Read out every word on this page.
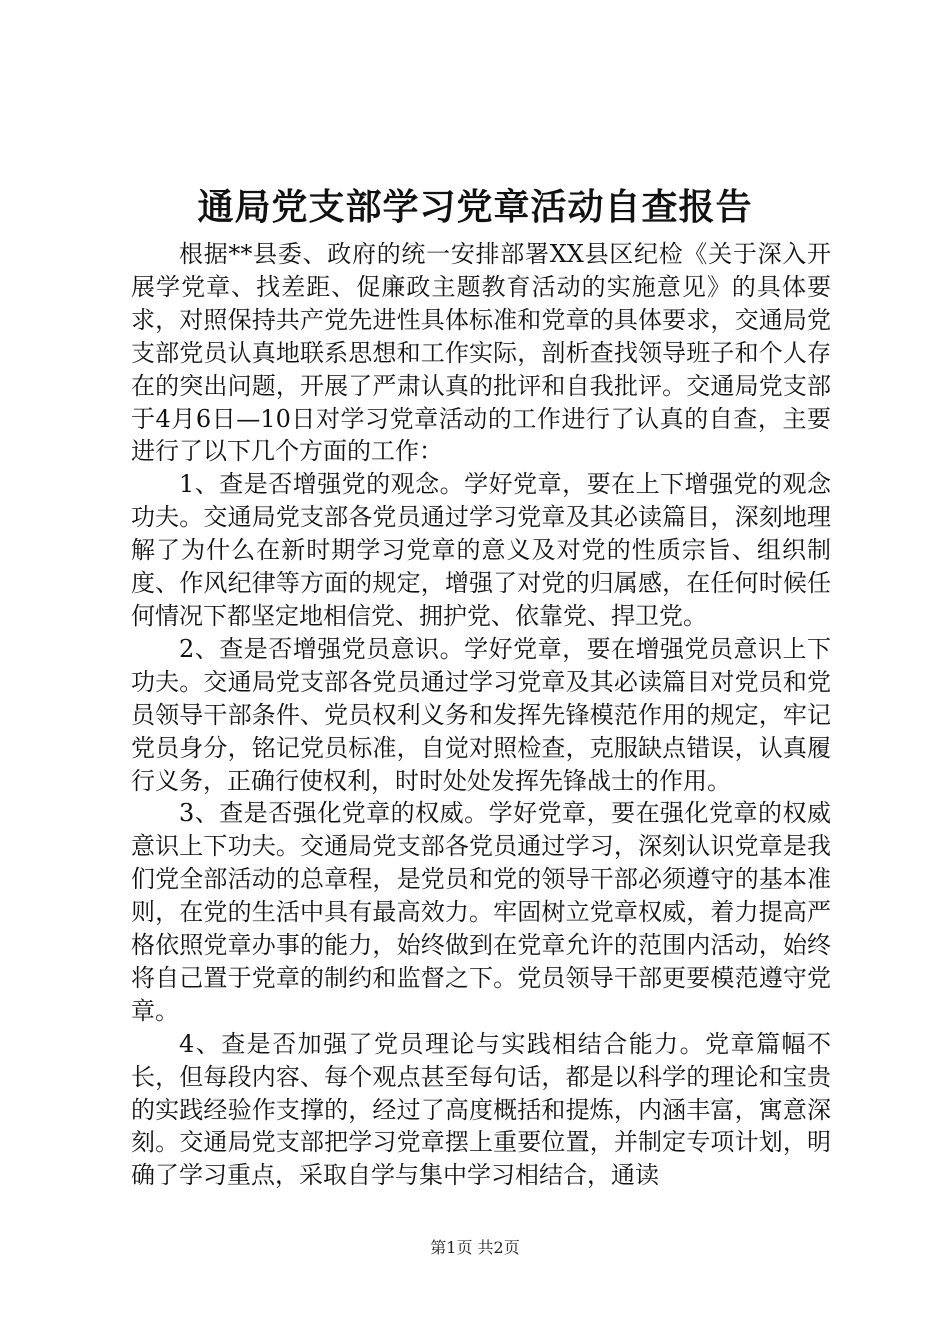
通局党支部学习党章活动自查报告

根据**县委、政府的统一安排部署XX县区纪检《关于深入开展学党章、找差距、促廉政主题教育活动的实施意见》的具体要求，对照保持共产党先进性具体标准和党章的具体要求，交通局党支部党员认真地联系思想和工作实际，剖析查找领导班子和个人存在的突出问题，开展了严肃认真的批评和自我批评。交通局党支部于4月6日—10日对学习党章活动的工作进行了认真的自查，主要进行了以下几个方面的工作：

1、查是否增强党的观念。学好党章，要在上下增强党的观念功夫。交通局党支部各党员通过学习党章及其必读篇目，深刻地理解了为什么在新时期学习党章的意义及对党的性质宗旨、组织制度、作风纪律等方面的规定，增强了对党的归属感，在任何时候任何情况下都坚定地相信党、拥护党、依靠党、捍卫党。

2、查是否增强党员意识。学好党章，要在增强党员意识上下功夫。交通局党支部各党员通过学习党章及其必读篇目对党员和党员领导干部条件、党员权利义务和发挥先锋模范作用的规定，牢记党员身分，铭记党员标准，自觉对照检查，克服缺点错误，认真履行义务，正确行使权利，时时处处发挥先锋战士的作用。

3、查是否强化党章的权威。学好党章，要在强化党章的权威意识上下功夫。交通局党支部各党员通过学习，深刻认识党章是我们党全部活动的总章程，是党员和党的领导干部必须遵守的基本准则，在党的生活中具有最高效力。牢固树立党章权威，着力提高严格依照党章办事的能力，始终做到在党章允许的范围内活动，始终将自己置于党章的制约和监督之下。党员领导干部更要模范遵守党章。

4、查是否加强了党员理论与实践相结合能力。党章篇幅不长，但每段内容、每个观点甚至每句话，都是以科学的理论和宝贵的实践经验作支撑的，经过了高度概括和提炼，内涵丰富，寓意深刻。交通局党支部把学习党章摆上重要位置，并制定专项计划，明确了学习重点，采取自学与集中学习相结合，通读

第1页 共2页
